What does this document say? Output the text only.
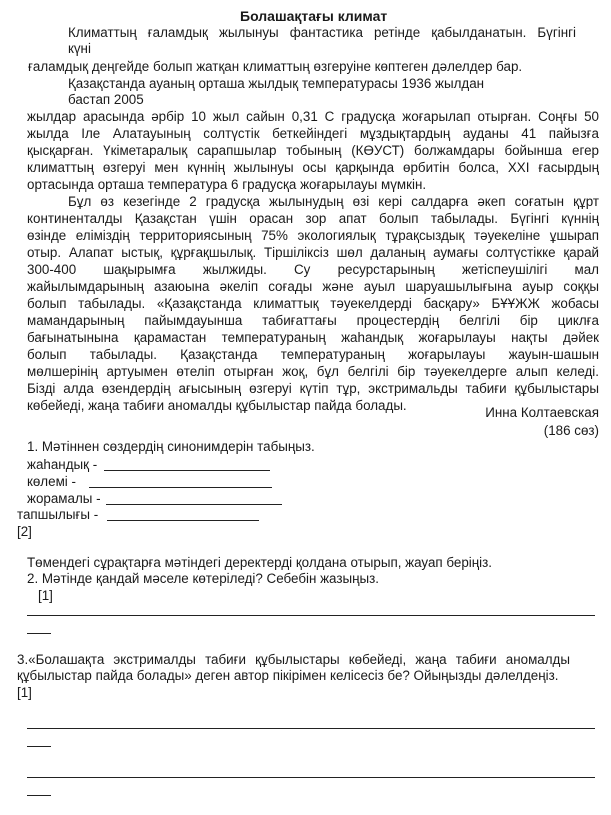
Болашақтағы климат
Климаттың ғаламдық жылынуы фантастика ретінде қабылданатын. Бүгінгі
күні
ғаламдық деңгейде болып жатқан климаттың өзгеруіне көптеген дәлелдер бар.
Қазақстанда ауаның орташа жылдық температурасы 1936 жылдан
бастап 2005
жылдар арасында әрбір 10 жыл сайын 0,31 С градусқа жоғарылап отырған. Соңғы 50
жылда Іле Алатауының солтүстік беткейіндегі мұздықтардың ауданы 41 пайызға
қысқарған. Үкіметаралық сарапшылар тобының (КӨУСТ) болжамдары бойынша егер
климаттың өзгеруі мен күннің жылынуы осы қарқында өрбитін болса, XXI ғасырдың
ортасында орташа температура 6 градусқа жоғарылауы мүмкін.
Бұл өз кезегінде 2 градусқа жылынудың өзі кері салдарға әкеп соғатын құрт
континенталды Қазақстан үшін орасан зор апат болып табылады. Бүгінгі күннің
өзінде еліміздің территориясының 75% экологиялық тұрақсыздық тәуекеліне ұшырап
отыр. Алапат ыстық, құрғақшылық. Тіршіліксіз шөл даланың аумағы солтүстікке қарай
300-400 шақырымға жылжиды. Су ресурстарының жетіспеушілігі мал
жайылымдарының азаюына әкеліп соғады және ауыл шаруашылығына ауыр соққы
болып табылады. «Қазақстанда климаттық тәуекелдерді басқару» БҰҰЖЖ жобасы
мамандарының пайымдауынша табиғаттағы процестердің белгілі бір циклға
бағынатынына қарамастан температураның жаһандық жоғарылауы нақты дәйек
болып табылады. Қазақстанда температураның жоғарылауы жауын-шашын
мөлшерінің артуымен өтеліп отырған жоқ, бұл белгілі бір тәуекелдерге алып келеді.
Бізді алда өзендердің ағысының өзгеруі күтіп тұр, экстримальды табиғи құбылыстары
көбейеді, жаңа табиғи аномалды құбылыстар пайда болады.	Инна Колтаевская
(186 сөз)
1. Мәтіннен сөздердің синонимдерін табыңыз.
жаһандық -
көлемі -
жорамалы -
тапшылығы -
[2]
Төмендегі сұрақтарға мәтіндегі деректерді қолдана отырып, жауап беріңіз.
2. Мәтінде қандай мәселе көтеріледі? Себебін жазыңыз.
[1]
3.«Болашақта экстрималды табиғи құбылыстары көбейеді, жаңа табиғи аномалды
құбылыстар пайда болады» деген автор пікірімен келісесіз бе? Ойыңызды дәлелдеңіз.
[1]
